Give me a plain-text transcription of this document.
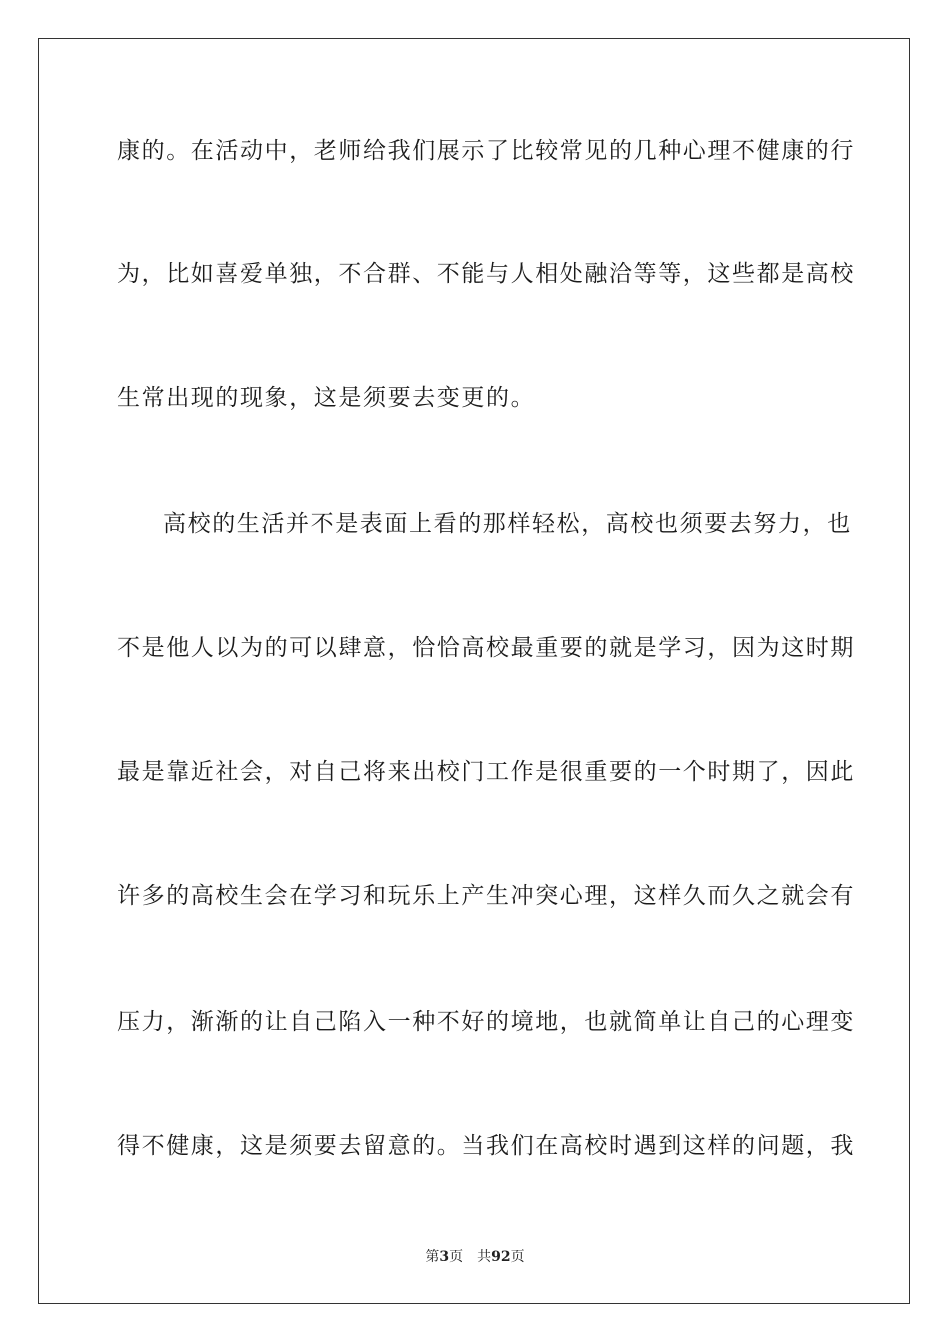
康的。在活动中，老师给我们展示了比较常见的几种心理不健康的行
为，比如喜爱单独，不合群、不能与人相处融洽等等，这些都是高校
生常出现的现象，这是须要去变更的。
高校的生活并不是表面上看的那样轻松，高校也须要去努力，也
不是他人以为的可以肆意，恰恰高校最重要的就是学习，因为这时期
最是靠近社会，对自己将来出校门工作是很重要的一个时期了，因此
许多的高校生会在学习和玩乐上产生冲突心理，这样久而久之就会有
压力，渐渐的让自己陷入一种不好的境地，也就简单让自己的心理变
得不健康，这是须要去留意的。当我们在高校时遇到这样的问题，我
第3页 共92页
